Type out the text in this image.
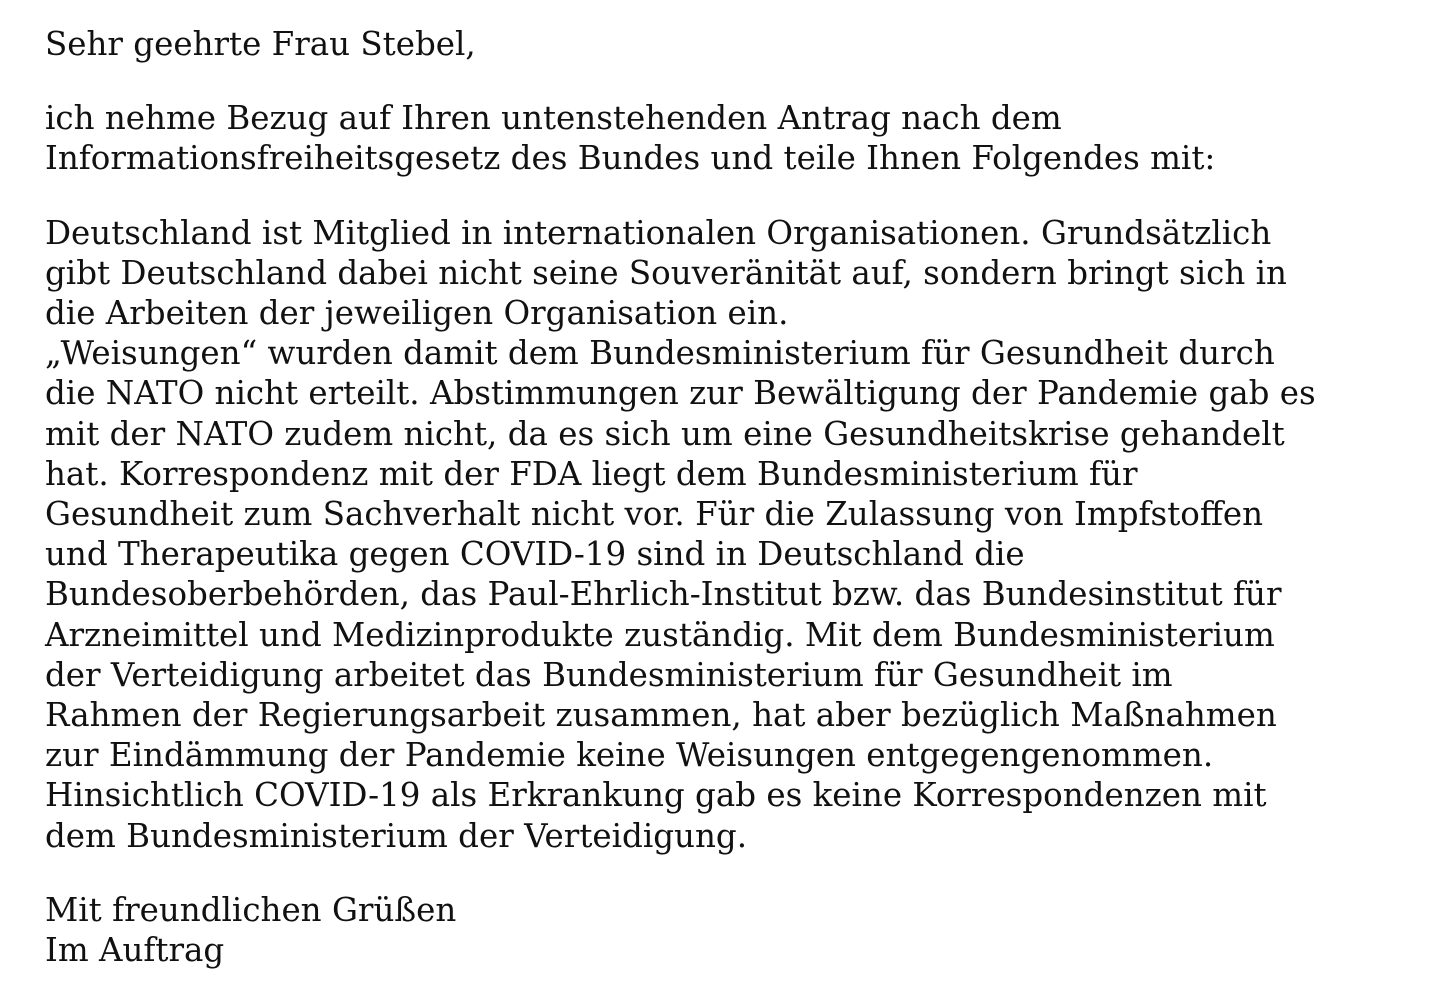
Sehr geehrte Frau Stebel,
ich nehme Bezug auf Ihren untenstehenden Antrag nach dem
Informationsfreiheitsgesetz des Bundes und teile Ihnen Folgendes mit:
Deutschland ist Mitglied in internationalen Organisationen. Grundsätzlich
gibt Deutschland dabei nicht seine Souveränität auf, sondern bringt sich in
die Arbeiten der jeweiligen Organisation ein.
„Weisungen“ wurden damit dem Bundesministerium für Gesundheit durch
die NATO nicht erteilt. Abstimmungen zur Bewältigung der Pandemie gab es
mit der NATO zudem nicht, da es sich um eine Gesundheitskrise gehandelt
hat. Korrespondenz mit der FDA liegt dem Bundesministerium für
Gesundheit zum Sachverhalt nicht vor. Für die Zulassung von Impfstoffen
und Therapeutika gegen COVID-19 sind in Deutschland die
Bundesoberbehörden, das Paul-Ehrlich-Institut bzw. das Bundesinstitut für
Arzneimittel und Medizinprodukte zuständig. Mit dem Bundesministerium
der Verteidigung arbeitet das Bundesministerium für Gesundheit im
Rahmen der Regierungsarbeit zusammen, hat aber bezüglich Maßnahmen
zur Eindämmung der Pandemie keine Weisungen entgegengenommen.
Hinsichtlich COVID-19 als Erkrankung gab es keine Korrespondenzen mit
dem Bundesministerium der Verteidigung.
Mit freundlichen Grüßen
Im Auftrag
